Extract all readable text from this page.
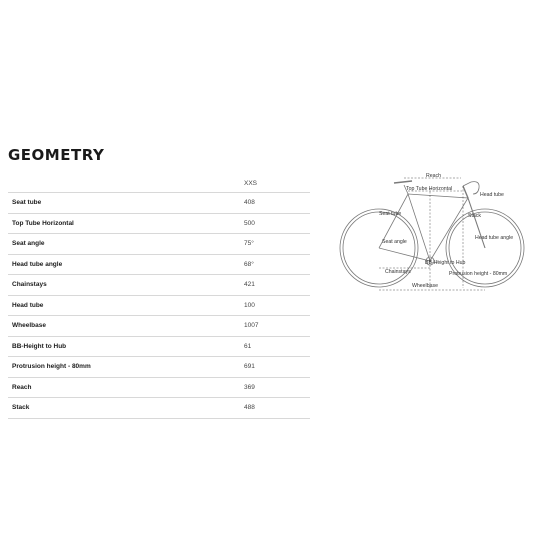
GEOMETRY
	XXS
Seat tube	408
Top Tube Horizontal	500
Seat angle	75°
Head tube angle	68°
Chainstays	421
Head tube	100
Wheelbase	1007
BB-Height to Hub	61
Protrusion height - 80mm	691
Reach	369
Stack	488
Reach
Top Tube Horizontal
Stack
Seat tube
Head tube
Head tube angle
Seat angle
Chainstays
BB-Height to Hub
Protrusion height - 80mm
Wheelbase
